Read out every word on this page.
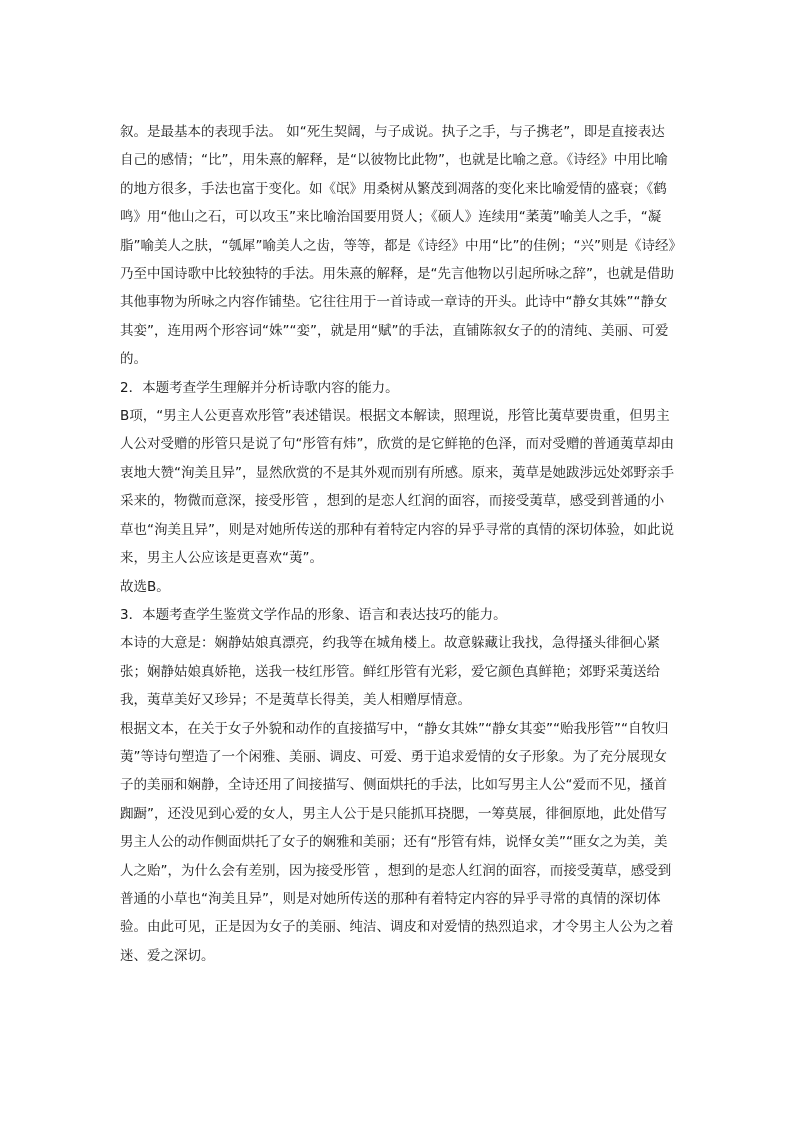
叙。是最基本的表现手法。 如“死生契阔，与子成说。执子之手，与子携老”，即是直接表达自己的感情；“比”，用朱熹的解释，是“以彼物比此物”，也就是比喻之意。《诗经》中用比喻的地方很多，手法也富于变化。如《氓》用桑树从繁茂到凋落的变化来比喻爱情的盛衰；《鹤鸣》用“他山之石，可以攻玉”来比喻治国要用贤人；《硕人》连续用“葇荑”喻美人之手，“凝脂”喻美人之肤，“瓠犀”喻美人之齿，等等，都是《诗经》中用“比”的佳例；“兴”则是《诗经》乃至中国诗歌中比较独特的手法。用朱熹的解释，是“先言他物以引起所咏之辞”，也就是借助其他事物为所咏之内容作铺垫。它往往用于一首诗或一章诗的开头。此诗中“静女其姝”“静女其娈”，连用两个形容词“姝”“娈”，就是用“赋”的手法，直铺陈叙女子的的清纯、美丽、可爱的。

2．本题考查学生理解并分析诗歌内容的能力。

B项，“男主人公更喜欢彤管”表述错误。根据文本解读，照理说，彤管比荑草要贵重，但男主人公对受赠的彤管只是说了句“彤管有炜”，欣赏的是它鲜艳的色泽，而对受赠的普通荑草却由衷地大赞“洵美且异”，显然欣赏的不是其外观而别有所感。原来，荑草是她跋涉远处郊野亲手采来的，物微而意深，接受彤管 ，想到的是恋人红润的面容，而接受荑草，感受到普通的小草也“洵美且异”，则是对她所传送的那种有着特定内容的异乎寻常的真情的深切体验，如此说来，男主人公应该是更喜欢“荑”。

故选B。

3．本题考查学生鉴赏文学作品的形象、语言和表达技巧的能力。

本诗的大意是：娴静姑娘真漂亮，约我等在城角楼上。故意躲藏让我找，急得搔头徘徊心紧张；娴静姑娘真娇艳，送我一枝红彤管。鲜红彤管有光彩，爱它颜色真鲜艳；郊野采荑送给我，荑草美好又珍异；不是荑草长得美，美人相赠厚情意。

根据文本，在关于女子外貌和动作的直接描写中，“静女其姝”“静女其娈”“贻我彤管”“自牧归荑”等诗句塑造了一个闲雅、美丽、调皮、可爱、勇于追求爱情的女子形象。为了充分展现女子的美丽和娴静，全诗还用了间接描写、侧面烘托的手法，比如写男主人公“爱而不见，搔首踟蹰”，还没见到心爱的女人，男主人公于是只能抓耳挠腮，一筹莫展，徘徊原地，此处借写男主人公的动作侧面烘托了女子的娴雅和美丽；还有“彤管有炜，说怿女美”“匪女之为美，美人之贻”，为什么会有差别，因为接受彤管 ，想到的是恋人红润的面容，而接受荑草，感受到普通的小草也“洵美且异”，则是对她所传送的那种有着特定内容的异乎寻常的真情的深切体验。由此可见，正是因为女子的美丽、纯洁、调皮和对爱情的热烈追求，才令男主人公为之着迷、爱之深切。
